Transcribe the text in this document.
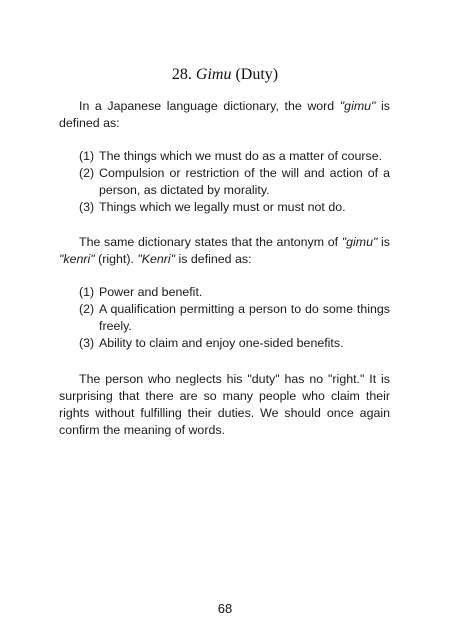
28. Gimu (Duty)

In a Japanese language dictionary, the word "gimu" is defined as:

(1) The things which we must do as a matter of course.
(2) Compulsion or restriction of the will and action of a person, as dictated by morality.
(3) Things which we legally must or must not do.

The same dictionary states that the antonym of "gimu" is "kenri" (right). "Kenri" is defined as:

(1) Power and benefit.
(2) A qualification permitting a person to do some things freely.
(3) Ability to claim and enjoy one-sided benefits.

The person who neglects his "duty" has no "right." It is surprising that there are so many people who claim their rights without fulfilling their duties. We should once again confirm the meaning of words.

68
